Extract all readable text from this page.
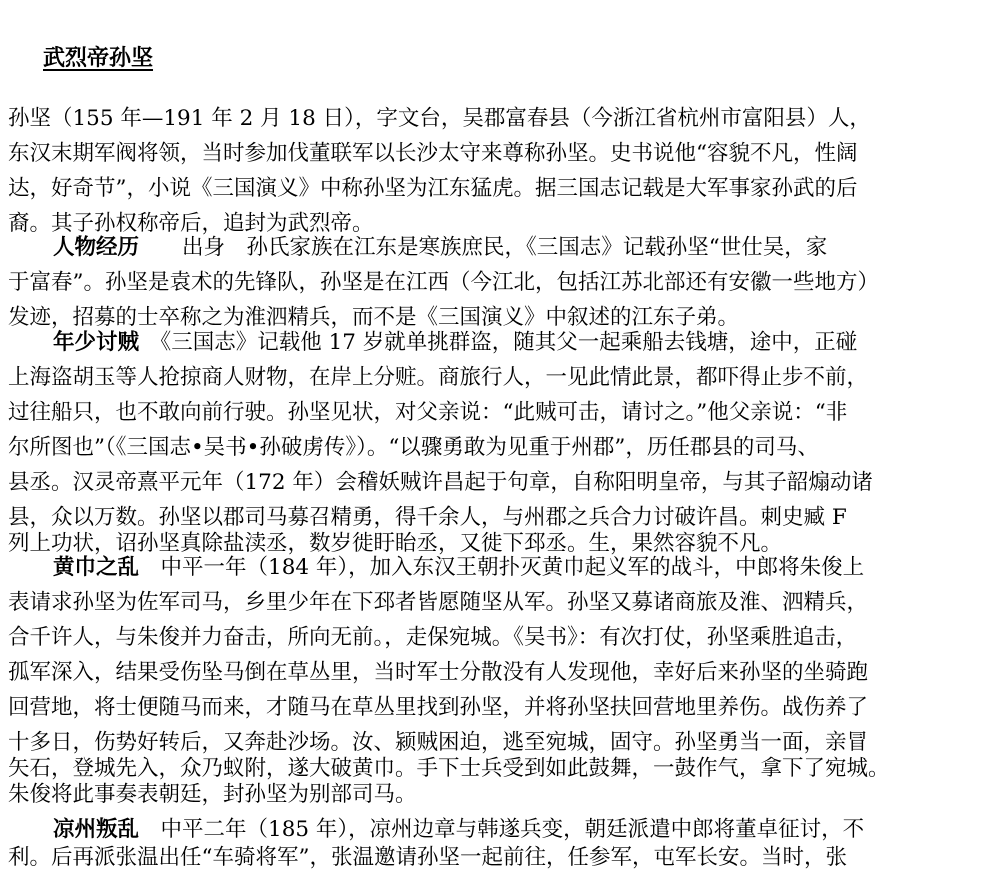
武烈帝孙坚
孙坚（155 年—191 年 2 月 18 日），字文台，吴郡富春县（今浙江省杭州市富阳县）人，
东汉末期军阀将领，当时参加伐董联军以长沙太守来尊称孙坚。史书说他“容貌不凡，性阔
达，好奇节”，小说《三国演义》中称孙坚为江东猛虎。据三国志记载是大军事家孙武的后
裔。其子孙权称帝后，追封为武烈帝。
人物经历　　出身　孙氏家族在江东是寒族庶民，《三国志》记载孙坚“世仕吴，家
于富春”。孙坚是袁术的先锋队，孙坚是在江西（今江北，包括江苏北部还有安徽一些地方）
发迹，招募的士卒称之为淮泗精兵，而不是《三国演义》中叙述的江东子弟。
年少讨贼　《三国志》记载他 17 岁就单挑群盗，随其父一起乘船去钱塘，途中，正碰
上海盗胡玉等人抢掠商人财物，在岸上分赃。商旅行人，一见此情此景，都吓得止步不前，
过往船只，也不敢向前行驶。孙坚见状，对父亲说：“此贼可击，请讨之。”他父亲说：“非
尔所图也”（《三国志•吴书•孙破虏传》）。“以骤勇敢为见重于州郡”，历任郡县的司马、
县丞。汉灵帝熹平元年（172 年）会稽妖贼许昌起于句章，自称阳明皇帝，与其子韶煽动诸
县，众以万数。孙坚以郡司马募召精勇，得千余人，与州郡之兵合力讨破许昌。刺史臧 F
列上功状，诏孙坚真除盐渎丞，数岁徙盱眙丞，又徙下邳丞。生，果然容貌不凡。
黄巾之乱　中平一年（184 年），加入东汉王朝扑灭黄巾起义军的战斗，中郎将朱俊上
表请求孙坚为佐军司马，乡里少年在下邳者皆愿随坚从军。孙坚又募诸商旅及淮、泗精兵，
合千许人，与朱俊并力奋击，所向无前。，走保宛城。《吴书》：有次打仗，孙坚乘胜追击，
孤军深入，结果受伤坠马倒在草丛里，当时军士分散没有人发现他，幸好后来孙坚的坐骑跑
回营地，将士便随马而来，才随马在草丛里找到孙坚，并将孙坚扶回营地里养伤。战伤养了
十多日，伤势好转后，又奔赴沙场。汝、颍贼困迫，逃至宛城，固守。孙坚勇当一面，亲冒
矢石，登城先入，众乃蚁附，遂大破黄巾。手下士兵受到如此鼓舞，一鼓作气，拿下了宛城。
朱俊将此事奏表朝廷，封孙坚为别部司马。
凉州叛乱　中平二年（185 年），凉州边章与韩遂兵变，朝廷派遣中郎将董卓征讨，不
利。后再派张温出任“车骑将军”，张温邀请孙坚一起前往，任参军，屯军长安。当时，张
